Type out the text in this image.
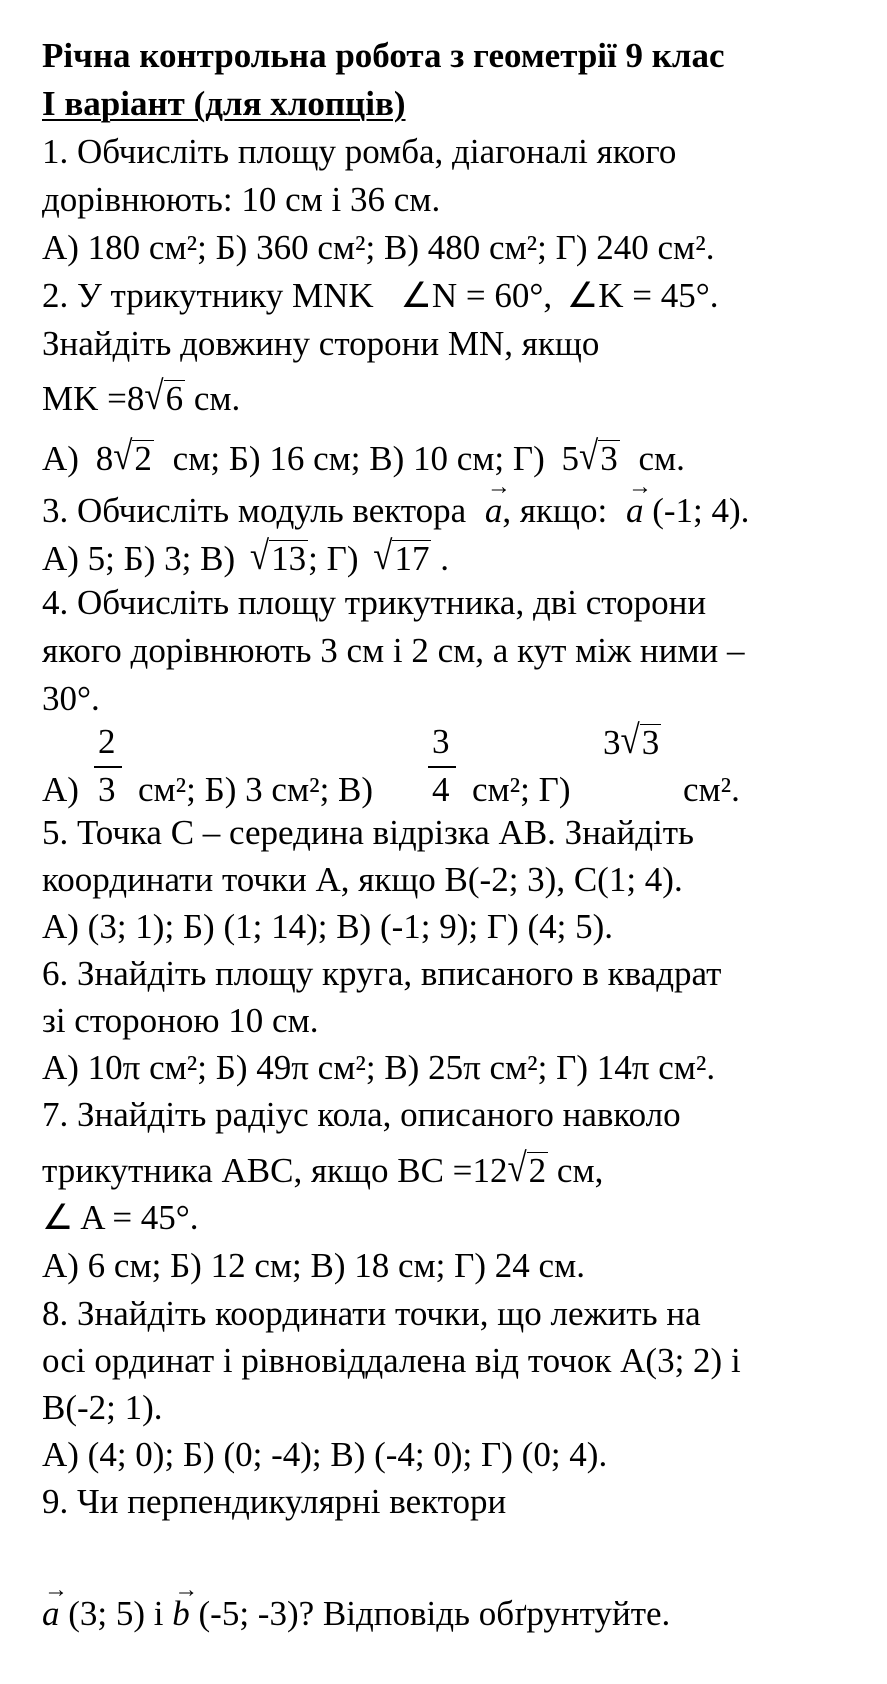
Річна контрольна робота з геометрії 9 клас
I варіант (для хлопців)
1. Обчисліть площу ромба, діагоналі якого
дорівнюють: 10 см і 36 см.
А) 180 см²; Б) 360 см²; В) 480 см²; Г) 240 см².
2. У трикутнику MNK ∠N = 60°, ∠K = 45°.
Знайдіть довжину сторони MN, якщо
MK =8√6 см.
А) 8√2 см; Б) 16 см; В) 10 см; Г) 5√3 см.
3. Обчисліть модуль вектора
→
a, якщо:
→
a (-1; 4).
А) 5; Б) 3; В) √13; Г) √17 .
4. Обчисліть площу трикутника, дві сторони
якого дорівнюють 3 см і 2 см, а кут між ними –
30°.
2
3
3
4
3√3
А) см²; Б) 3 см²; В)	см²; Г)	см².
5. Точка С – середина відрізка АВ. Знайдіть
координати точки А, якщо В(-2; 3), С(1; 4).
А) (3; 1); Б) (1; 14); В) (-1; 9); Г) (4; 5).
6. Знайдіть площу круга, вписаного в квадрат
зі стороною 10 см.
А) 10π см²; Б) 49π см²; В) 25π см²; Г) 14π см².
7. Знайдіть радіус кола, описаного навколо
трикутника АВС, якщо ВС =12√2 см,
∠ A = 45°.
А) 6 см; Б) 12 см; В) 18 см; Г) 24 см.
8. Знайдіть координати точки, що лежить на
осі ординат і рівновіддалена від точок А(3; 2) і
В(-2; 1).
А) (4; 0); Б) (0; -4); В) (-4; 0); Г) (0; 4).
9. Чи перпендикулярні вектори
→
a (3; 5) і
→
b (-5; -3)? Відповідь обґрунтуйте.
